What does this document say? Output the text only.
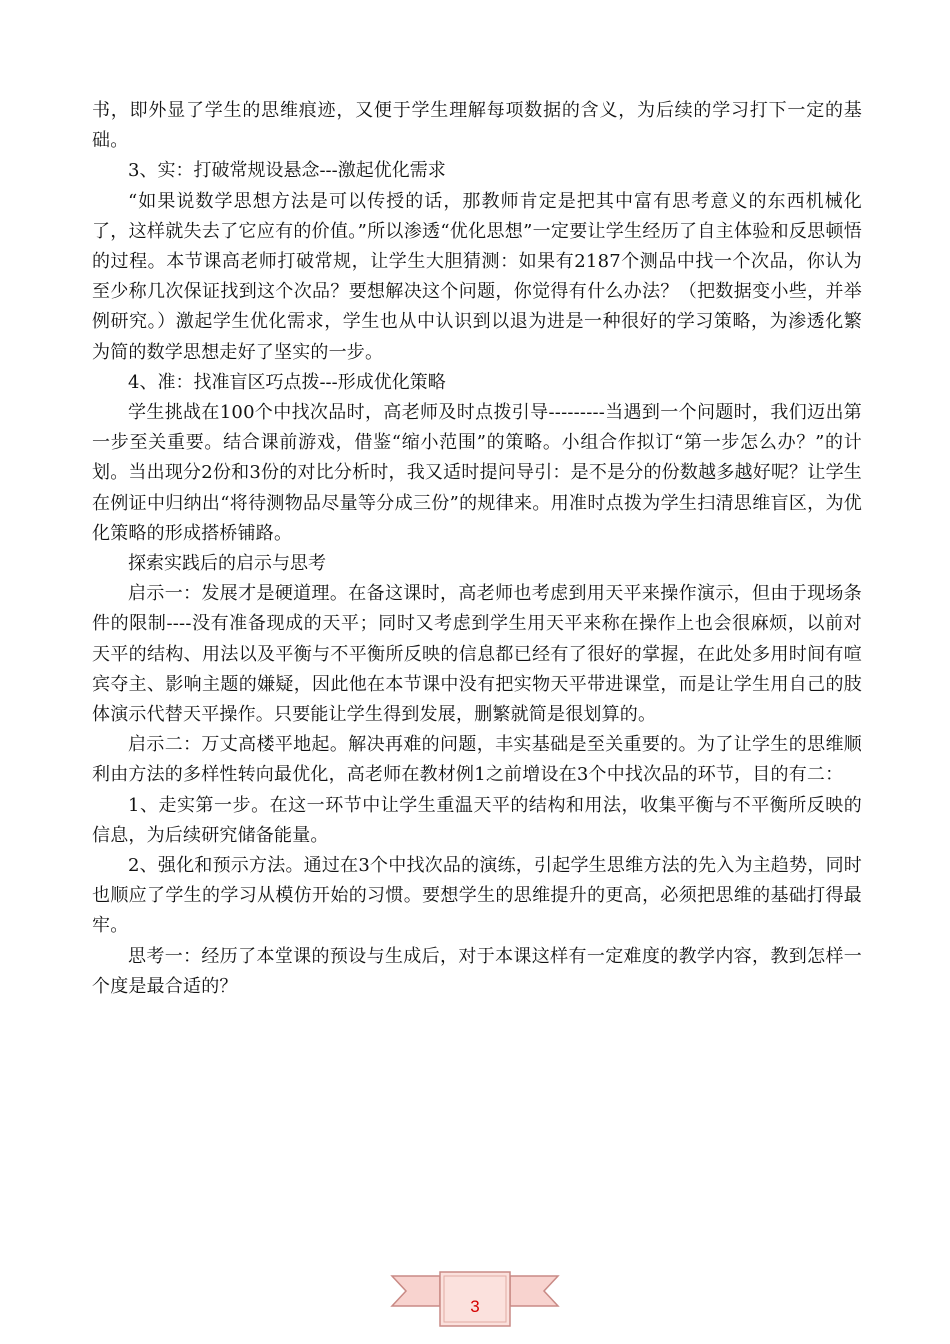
书，即外显了学生的思维痕迹，又便于学生理解每项数据的含义，为后续的学习打下一定的基础。

3、实：打破常规设悬念---激起优化需求

“如果说数学思想方法是可以传授的话，那教师肯定是把其中富有思考意义的东西机械化了，这样就失去了它应有的价值。”所以渗透“优化思想”一定要让学生经历了自主体验和反思顿悟的过程。本节课高老师打破常规，让学生大胆猜测：如果有2187个测品中找一个次品，你认为至少称几次保证找到这个次品？要想解决这个问题，你觉得有什么办法？（把数据变小些，并举例研究。）激起学生优化需求，学生也从中认识到以退为进是一种很好的学习策略，为渗透化繁为简的数学思想走好了坚实的一步。

4、准：找准盲区巧点拨---形成优化策略

学生挑战在100个中找次品时，高老师及时点拨引导---------当遇到一个问题时，我们迈出第一步至关重要。结合课前游戏，借鉴“缩小范围”的策略。小组合作拟订“第一步怎么办？”的计划。当出现分2份和3份的对比分析时，我又适时提问导引：是不是分的份数越多越好呢？让学生在例证中归纳出“将待测物品尽量等分成三份”的规律来。用准时点拨为学生扫清思维盲区，为优化策略的形成搭桥铺路。

探索实践后的启示与思考

启示一：发展才是硬道理。在备这课时，高老师也考虑到用天平来操作演示，但由于现场条件的限制----没有准备现成的天平；同时又考虑到学生用天平来称在操作上也会很麻烦，以前对天平的结构、用法以及平衡与不平衡所反映的信息都已经有了很好的掌握，在此处多用时间有喧宾夺主、影响主题的嫌疑，因此他在本节课中没有把实物天平带进课堂，而是让学生用自己的肢体演示代替天平操作。只要能让学生得到发展，删繁就简是很划算的。

启示二：万丈高楼平地起。解决再难的问题，丰实基础是至关重要的。为了让学生的思维顺利由方法的多样性转向最优化，高老师在教材例1之前增设在3个中找次品的环节，目的有二：

1、走实第一步。在这一环节中让学生重温天平的结构和用法，收集平衡与不平衡所反映的信息，为后续研究储备能量。

2、强化和预示方法。通过在3个中找次品的演练，引起学生思维方法的先入为主趋势，同时也顺应了学生的学习从模仿开始的习惯。要想学生的思维提升的更高，必须把思维的基础打得最牢。

思考一：经历了本堂课的预设与生成后，对于本课这样有一定难度的教学内容，教到怎样一个度是最合适的？

3
